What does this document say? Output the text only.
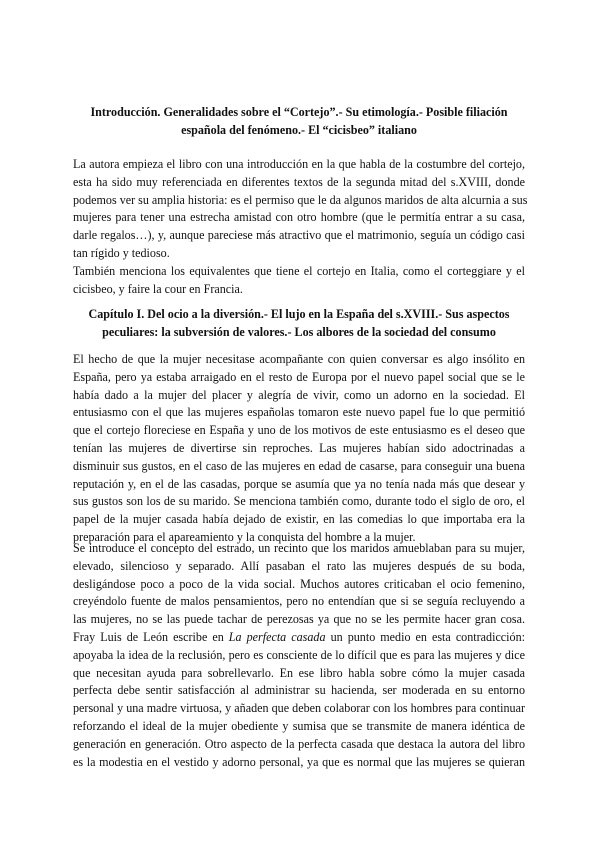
Introducción. Generalidades sobre el “Cortejo”.- Su etimología.- Posible filiación
española del fenómeno.- El “cicisbeo” italiano

La autora empieza el libro con una introducción en la que habla de la costumbre del cortejo,
esta ha sido muy referenciada en diferentes textos de la segunda mitad del s.XVIII, donde
podemos ver su amplia historia: es el permiso que le da algunos maridos de alta alcurnia a sus
mujeres para tener una estrecha amistad con otro hombre (que le permitía entrar a su casa,
darle regalos…), y, aunque pareciese más atractivo que el matrimonio, seguía un código casi
tan rígido y tedioso.

También menciona los equivalentes que tiene el cortejo en Italia, como el corteggiare y el
cicisbeo, y faire la cour en Francia.

Capítulo I. Del ocio a la diversión.- El lujo en la España del s.XVIII.- Sus aspectos
peculiares: la subversión de valores.- Los albores de la sociedad del consumo

El hecho de que la mujer necesitase acompañante con quien conversar es algo insólito en
España, pero ya estaba arraigado en el resto de Europa por el nuevo papel social que se le
había dado a la mujer del placer y alegría de vivir, como un adorno en la sociedad. El
entusiasmo con el que las mujeres españolas tomaron este nuevo papel fue lo que permitió
que el cortejo floreciese en España y uno de los motivos de este entusiasmo es el deseo que
tenían las mujeres de divertirse sin reproches. Las mujeres habían sido adoctrinadas a
disminuir sus gustos, en el caso de las mujeres en edad de casarse, para conseguir una buena
reputación y, en el de las casadas, porque se asumía que ya no tenía nada más que desear y
sus gustos son los de su marido. Se menciona también como, durante todo el siglo de oro, el
papel de la mujer casada había dejado de existir, en las comedias lo que importaba era la
preparación para el apareamiento y la conquista del hombre a la mujer.

Se introduce el concepto del estrado, un recinto que los maridos amueblaban para su mujer,
elevado, silencioso y separado. Allí pasaban el rato las mujeres después de su boda,
desligándose poco a poco de la vida social. Muchos autores criticaban el ocio femenino,
creyéndolo fuente de malos pensamientos, pero no entendían que si se seguía recluyendo a
las mujeres, no se las puede tachar de perezosas ya que no se les permite hacer gran cosa.
Fray Luis de León escribe en La perfecta casada un punto medio en esta contradicción:
apoyaba la idea de la reclusión, pero es consciente de lo difícil que es para las mujeres y dice
que necesitan ayuda para sobrellevarlo. En ese libro habla sobre cómo la mujer casada
perfecta debe sentir satisfacción al administrar su hacienda, ser moderada en su entorno
personal y una madre virtuosa, y añaden que deben colaborar con los hombres para continuar
reforzando el ideal de la mujer obediente y sumisa que se transmite de manera idéntica de
generación en generación. Otro aspecto de la perfecta casada que destaca la autora del libro
es la modestia en el vestido y adorno personal, ya que es normal que las mujeres se quieran
